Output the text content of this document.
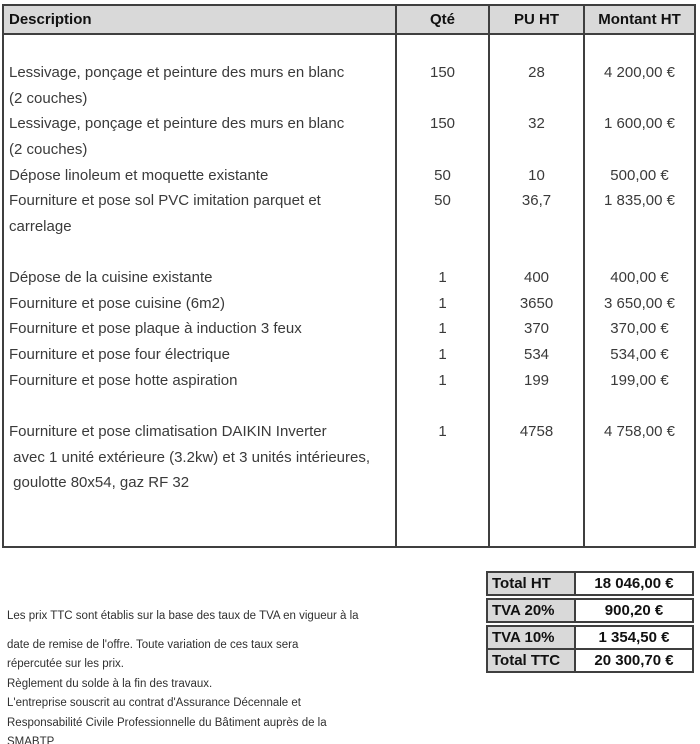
Description	Qté	PU HT	Montant HT

Lessivage, ponçage et peinture des murs en blanc	150	28	4 200,00 €
(2 couches)			
Lessivage, ponçage et peinture des murs en blanc	150	32	1 600,00 €
(2 couches)			
Dépose linoleum et moquette existante	50	10	500,00 €
Fourniture et pose sol PVC imitation parquet et	50	36,7	1 835,00 €
carrelage			

Dépose de la cuisine existante	1	400	400,00 €
Fourniture et pose cuisine (6m2)	1	3650	3 650,00 €
Fourniture et pose plaque à induction 3 feux	1	370	370,00 €
Fourniture et pose four électrique	1	534	534,00 €
Fourniture et pose hotte aspiration	1	199	199,00 €

Fourniture et pose climatisation DAIKIN Inverter	1	4758	4 758,00 €
avec 1 unité extérieure (3.2kw) et 3 unités intérieures,			
goulotte 80x54, gaz RF 32			

Total HT	18 046,00 €
TVA 20%	900,20 €
TVA 10%	1 354,50 €
Total TTC	20 300,70 €
Les prix TTC sont établis sur la base des taux de TVA en vigueur à la
date de remise de l'offre. Toute variation de ces taux sera
répercutée sur les prix.
Règlement du solde à la fin des travaux.
L'entreprise souscrit au contrat d'Assurance Décennale et
Responsabilité Civile Professionnelle du Bâtiment auprès de la
SMABTP
